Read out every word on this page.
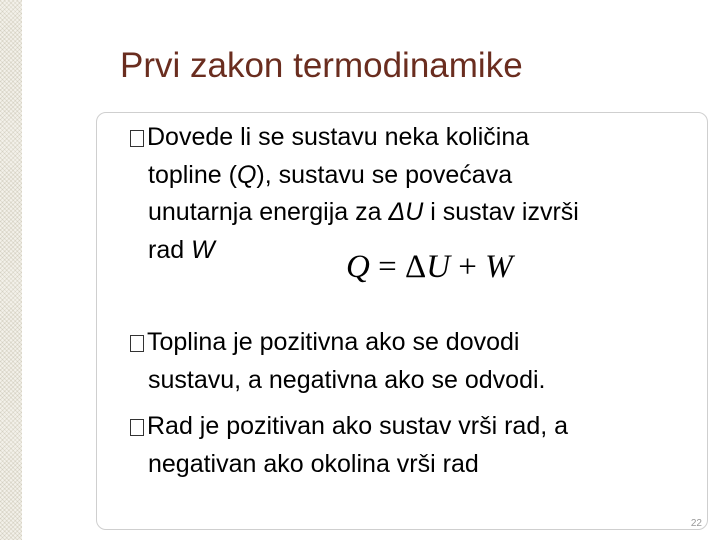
Prvi zakon termodinamike
Dovede li se sustavu neka količina
topline (Q), sustavu se povećava
unutarnja energija za ΔU i sustav izvrši
rad W	Q = ΔU + W
Toplina je pozitivna ako se dovodi
sustavu, a negativna ako se odvodi.
Rad je pozitivan ako sustav vrši rad, a
negativan ako okolina vrši rad
22
